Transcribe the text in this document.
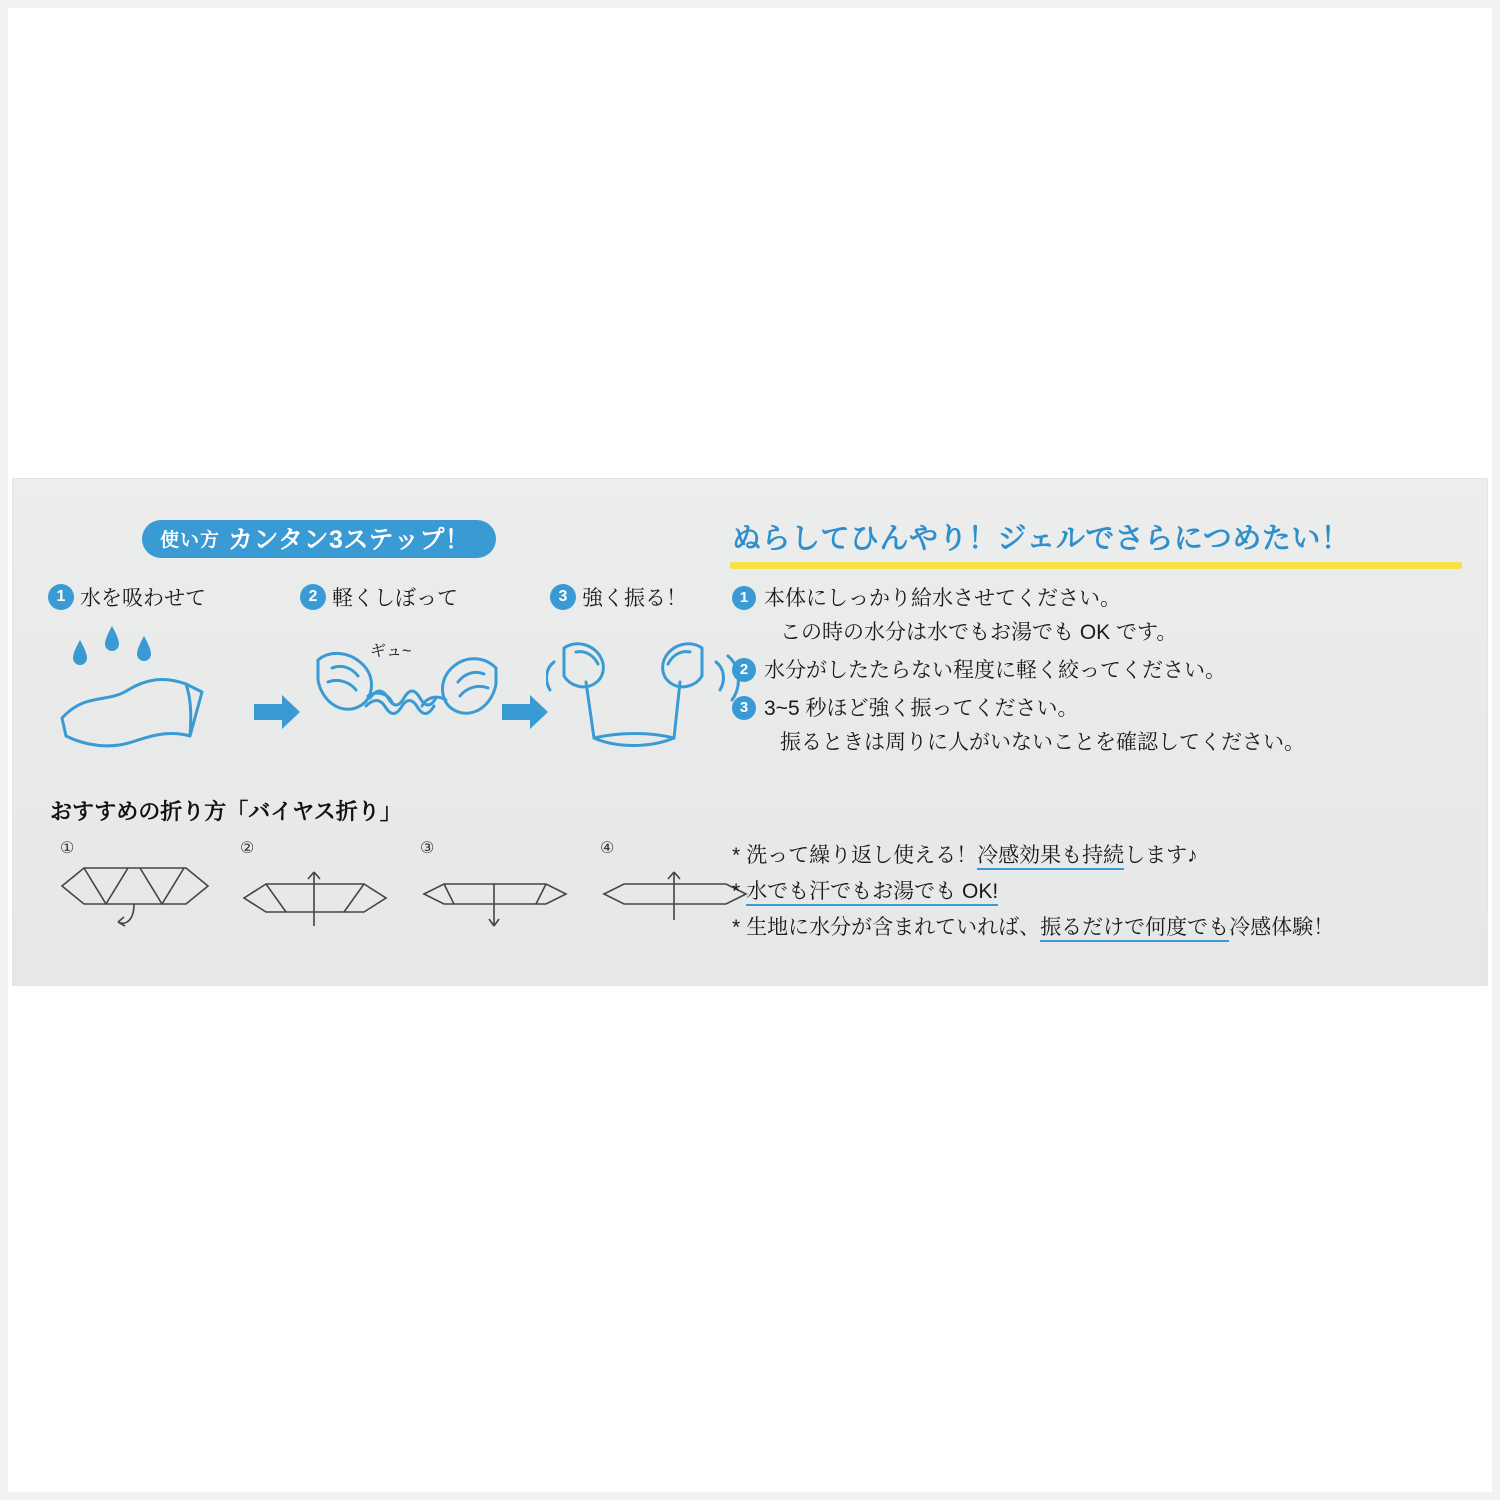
使い方 カンタン3ステップ！
1 水を吸わせて	2 軽くしぼって	3 強く振る！
ギュ~
おすすめの折り方「バイヤス折り」
①	②	③	④
ぬらしてひんやり！ジェルでさらにつめたい！
1 本体にしっかり給水させてください。
この時の水分は水でもお湯でも OK です。
2 水分がしたたらない程度に軽く絞ってください。
3 3~5 秒ほど強く振ってください。
振るときは周りに人がいないことを確認してください。
* 洗って繰り返し使える！冷感効果も持続します♪
* 水でも汗でもお湯でも OK!
* 生地に水分が含まれていれば、振るだけで何度でも冷感体験！
